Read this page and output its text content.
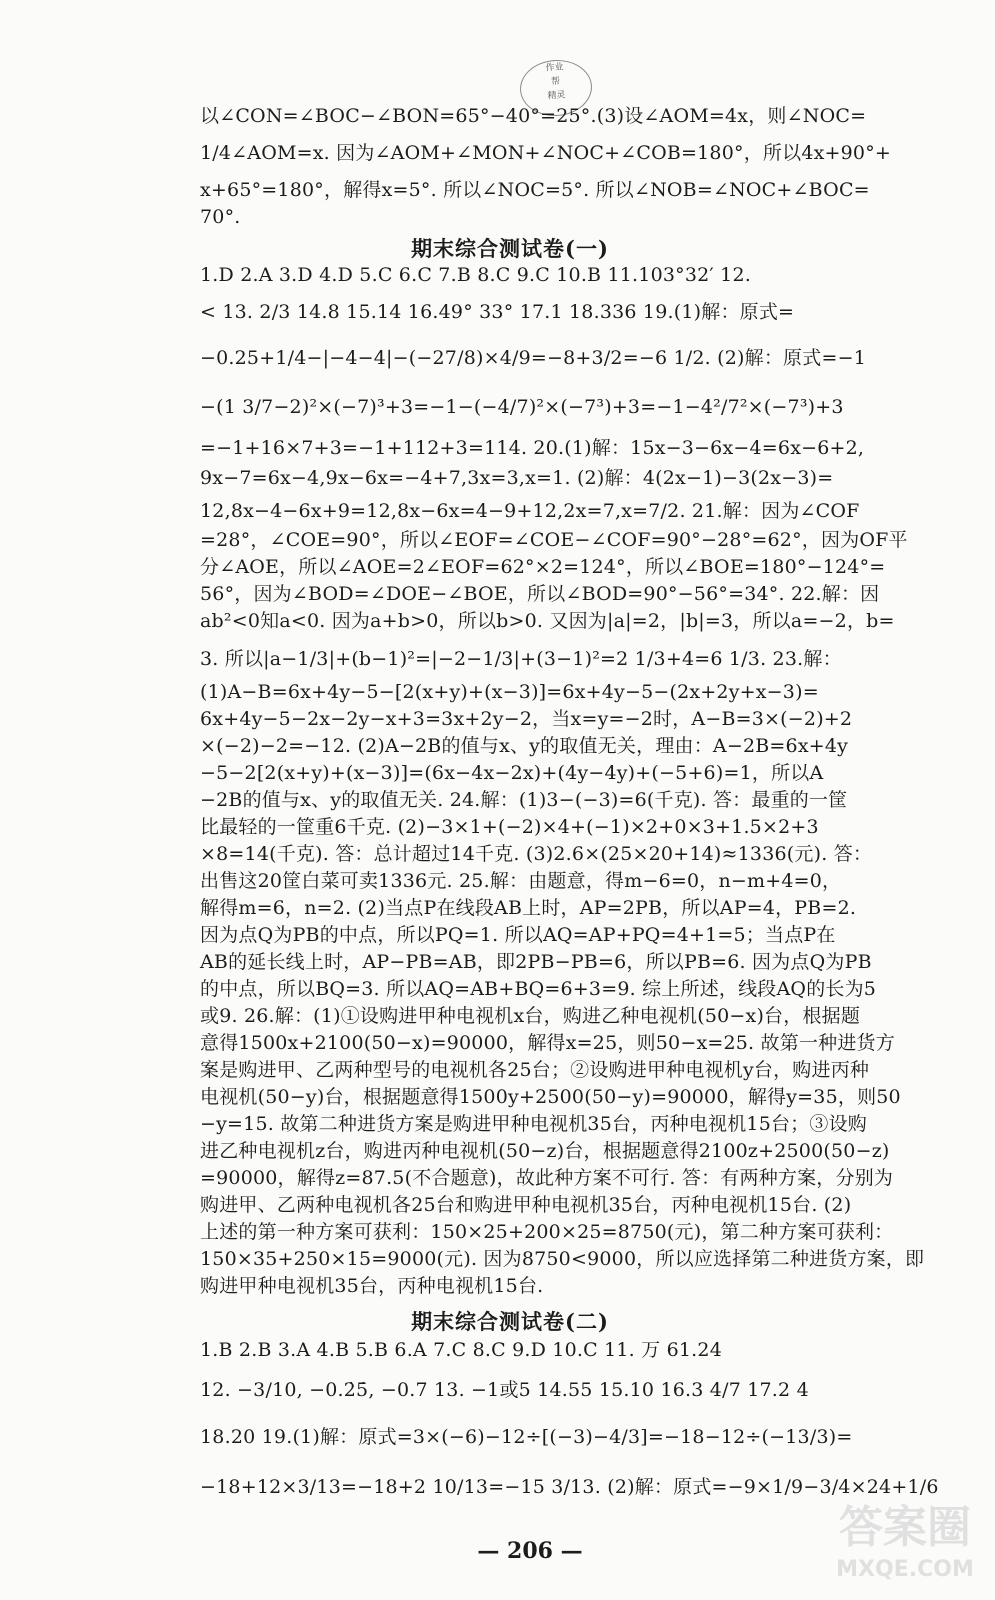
作业
帮
精灵
以∠CON=∠BOC−∠BON=65°−40°=25°.(3)设∠AOM=4x，则∠NOC=
1/4∠AOM=x. 因为∠AOM+∠MON+∠NOC+∠COB=180°，所以4x+90°+
x+65°=180°，解得x=5°. 所以∠NOC=5°. 所以∠NOB=∠NOC+∠BOC=
70°.
期末综合测试卷(一)
1.D 2.A 3.D 4.D 5.C 6.C 7.B 8.C 9.C 10.B 11.103°32′ 12.
< 13. 2/3 14.8 15.14 16.49° 33° 17.1 18.336 19.(1)解：原式=
−0.25+1/4−|−4−4|−(−27/8)×4/9=−8+3/2=−6 1/2. (2)解：原式=−1
−(1 3/7−2)²×(−7)³+3=−1−(−4/7)²×(−7³)+3=−1−4²/7²×(−7³)+3
=−1+16×7+3=−1+112+3=114. 20.(1)解：15x−3−6x−4=6x−6+2,
9x−7=6x−4,9x−6x=−4+7,3x=3,x=1. (2)解：4(2x−1)−3(2x−3)=
12,8x−4−6x+9=12,8x−6x=4−9+12,2x=7,x=7/2. 21.解：因为∠COF
=28°，∠COE=90°，所以∠EOF=∠COE−∠COF=90°−28°=62°，因为OF平
分∠AOE，所以∠AOE=2∠EOF=62°×2=124°，所以∠BOE=180°−124°=
56°，因为∠BOD=∠DOE−∠BOE，所以∠BOD=90°−56°=34°. 22.解：因
ab²<0知a<0. 因为a+b>0，所以b>0. 又因为|a|=2，|b|=3，所以a=−2，b=
3. 所以|a−1/3|+(b−1)²=|−2−1/3|+(3−1)²=2 1/3+4=6 1/3. 23.解：
(1)A−B=6x+4y−5−[2(x+y)+(x−3)]=6x+4y−5−(2x+2y+x−3)=
6x+4y−5−2x−2y−x+3=3x+2y−2，当x=y=−2时，A−B=3×(−2)+2
×(−2)−2=−12. (2)A−2B的值与x、y的取值无关，理由：A−2B=6x+4y
−5−2[2(x+y)+(x−3)]=(6x−4x−2x)+(4y−4y)+(−5+6)=1，所以A
−2B的值与x、y的取值无关. 24.解：(1)3−(−3)=6(千克). 答：最重的一筐
比最轻的一筐重6千克. (2)−3×1+(−2)×4+(−1)×2+0×3+1.5×2+3
×8=14(千克). 答：总计超过14千克. (3)2.6×(25×20+14)≈1336(元). 答：
出售这20筐白菜可卖1336元. 25.解：由题意，得m−6=0，n−m+4=0，
解得m=6，n=2. (2)当点P在线段AB上时，AP=2PB，所以AP=4，PB=2.
因为点Q为PB的中点，所以PQ=1. 所以AQ=AP+PQ=4+1=5；当点P在
AB的延长线上时，AP−PB=AB，即2PB−PB=6，所以PB=6. 因为点Q为PB
的中点，所以BQ=3. 所以AQ=AB+BQ=6+3=9. 综上所述，线段AQ的长为5
或9. 26.解：(1)①设购进甲种电视机x台，购进乙种电视机(50−x)台，根据题
意得1500x+2100(50−x)=90000，解得x=25，则50−x=25. 故第一种进货方
案是购进甲、乙两种型号的电视机各25台；②设购进甲种电视机y台，购进丙种
电视机(50−y)台，根据题意得1500y+2500(50−y)=90000，解得y=35，则50
−y=15. 故第二种进货方案是购进甲种电视机35台，丙种电视机15台；③设购
进乙种电视机z台，购进丙种电视机(50−z)台，根据题意得2100z+2500(50−z)
=90000，解得z=87.5(不合题意)，故此种方案不可行. 答：有两种方案，分别为
购进甲、乙两种电视机各25台和购进甲种电视机35台，丙种电视机15台. (2)
上述的第一种方案可获利：150×25+200×25=8750(元)，第二种方案可获利：
150×35+250×15=9000(元). 因为8750<9000，所以应选择第二种进货方案，即
购进甲种电视机35台，丙种电视机15台.
期末综合测试卷(二)
1.B 2.B 3.A 4.B 5.B 6.A 7.C 8.C 9.D 10.C 11. 万 61.24
12. −3/10, −0.2̇5̇, −0.7 13. −1或5 14.55 15.10 16.3 4/7 17.2 4
18.20 19.(1)解：原式=3×(−6)−12÷[(−3)−4/3]=−18−12÷(−13/3)=
−18+12×3/13=−18+2 10/13=−15 3/13. (2)解：原式=−9×1/9−3/4×24+1/6
— 206 —	答案圈
MXQE.COM
